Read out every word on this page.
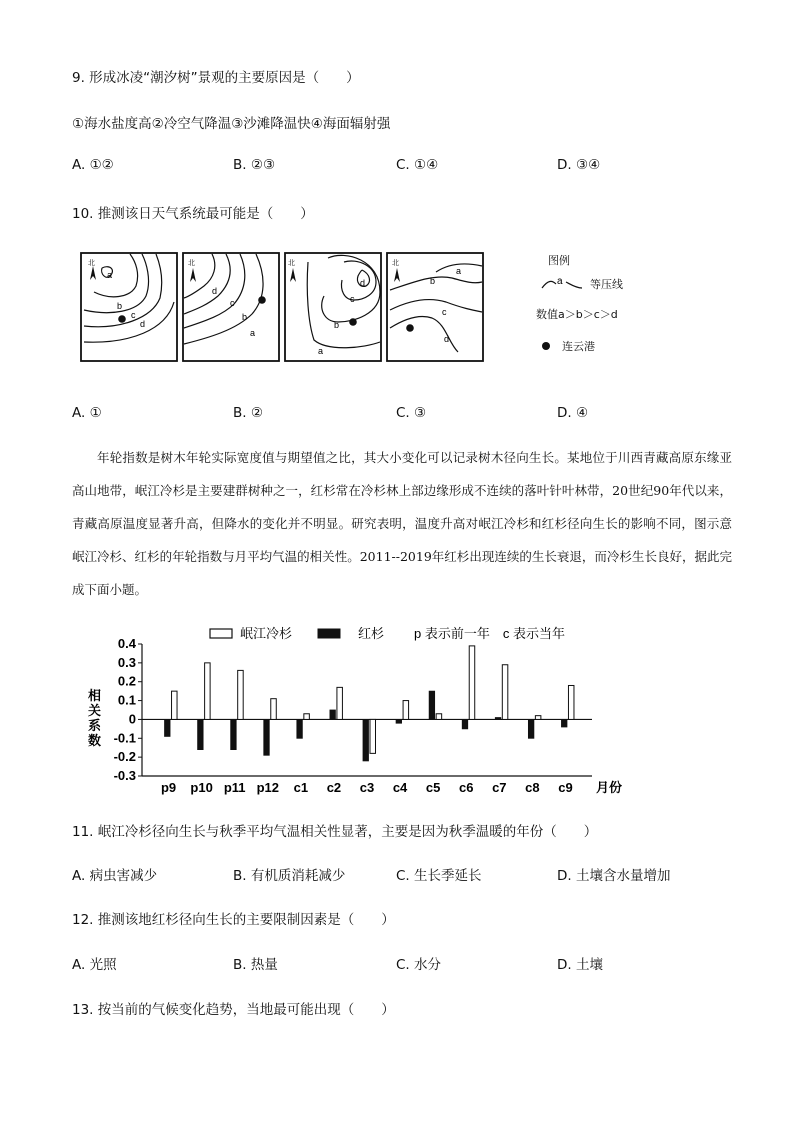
9. 形成冰凌“潮汐树”景观的主要原因是（　　）
①海水盐度高②冷空气降温③沙滩降温快④海面辐射强
A. ①②	B. ②③	C. ①④	D. ③④
10. 推测该日天气系统最可能是（　　）
北
a
b
c
d
北
d
c
b
a
北
d
c
b
a
北
a
b
c
d
图例
a 等压线
数值a＞b＞c＞d
连云港
A. ①	B. ②	C. ③	D. ④

年轮指数是树木年轮实际宽度值与期望值之比，其大小变化可以记录树木径向生长。某地位于川西青藏高原东缘亚高山地带，岷江冷杉是主要建群树种之一，红杉常在冷杉林上部边缘形成不连续的落叶针叶林带，20世纪90年代以来，青藏高原温度显著升高，但降水的变化并不明显。研究表明，温度升高对岷江冷杉和红杉径向生长的影响不同，图示意岷江冷杉、红杉的年轮指数与月平均气温的相关性。2011--2019年红杉出现连续的生长衰退，而冷杉生长良好，据此完成下面小题。

0.4
0.3
0.2
0.1
0
-0.1
-0.2
-0.3
相
关
系
数
p9 p10 p11 p12 c1 c2 c3 c4 c5 c6 c7 c8 c9 月份
岷江冷杉	红杉 p 表示前一年　c 表示当年
11. 岷江冷杉径向生长与秋季平均气温相关性显著，主要是因为秋季温暖的年份（　　）
A. 病虫害减少	B. 有机质消耗减少	C. 生长季延长	D. 土壤含水量增加
12. 推测该地红杉径向生长的主要限制因素是（　　）
A. 光照	B. 热量	C. 水分	D. 土壤
13. 按当前的气候变化趋势，当地最可能出现（　　）
